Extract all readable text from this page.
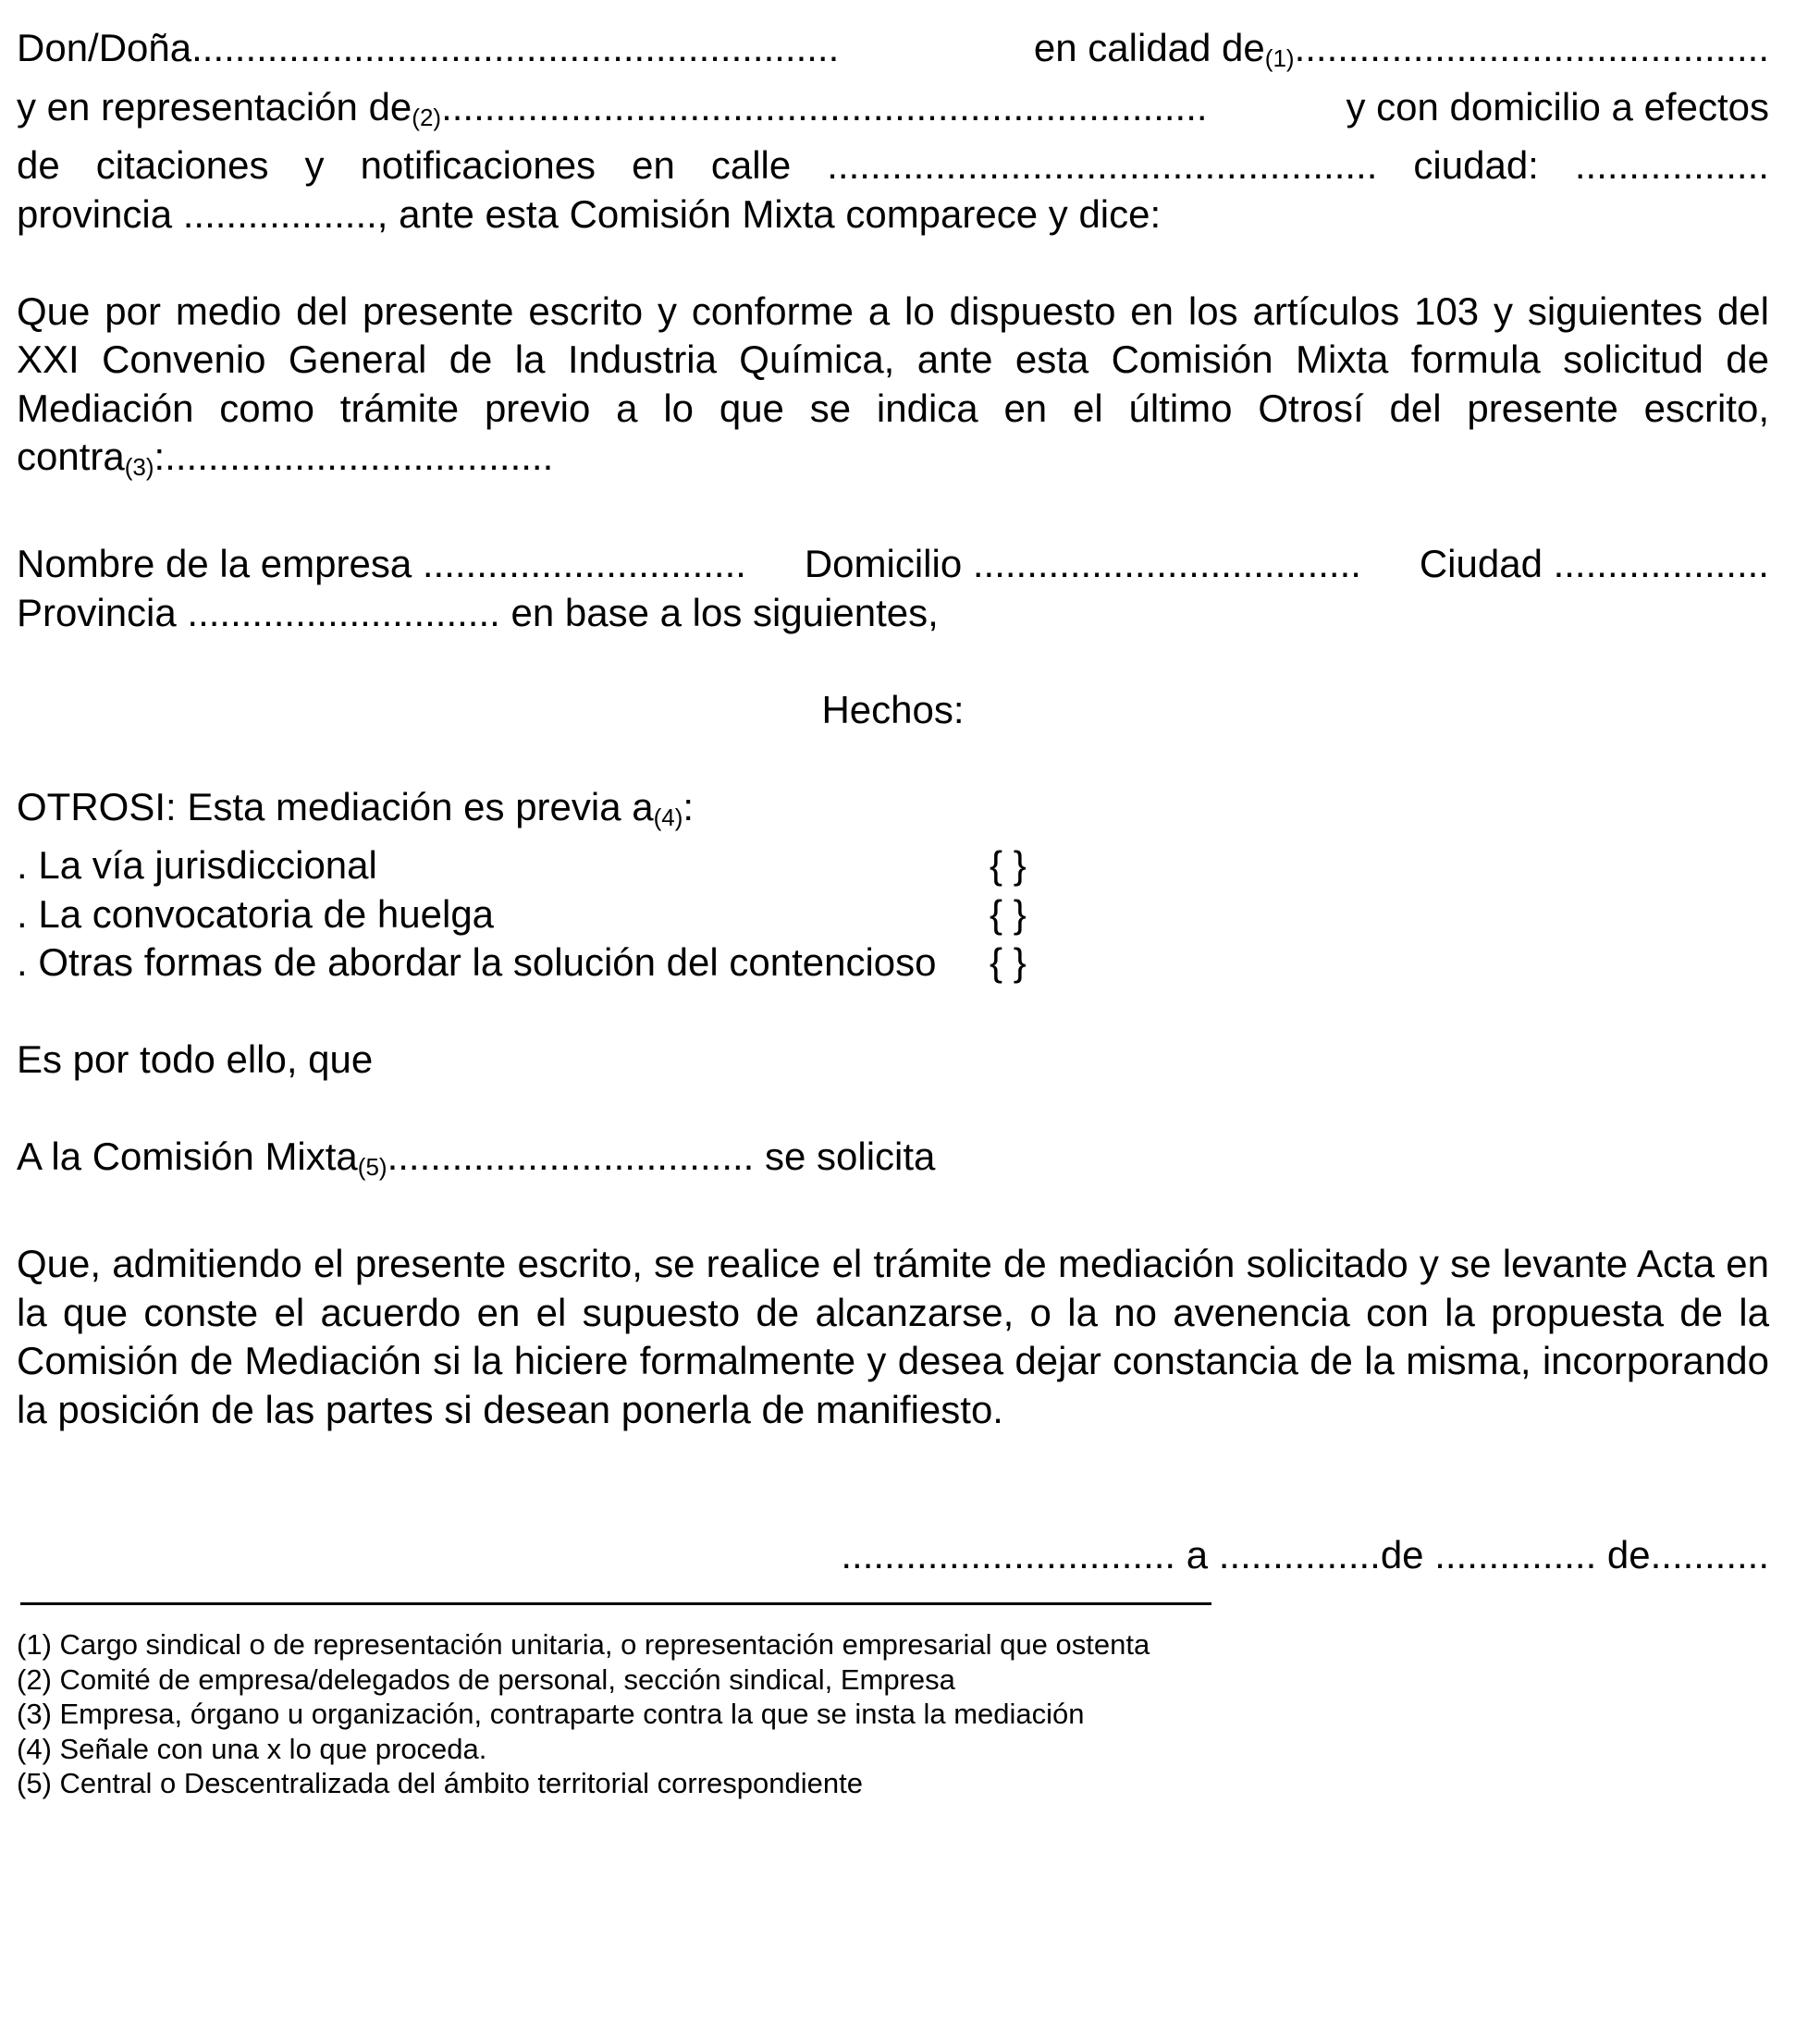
Don/Doña............................................................	en calidad $de_{(1)}$............................................
y en representación $de_{(2)}$.......................................................................	y con domicilio a efectos
de citaciones y notificaciones en calle ................................................... ciudad: ..................
provincia .................., ante esta Comisión Mixta comparece y dice:
Que por medio del presente escrito y conforme a lo dispuesto en los artículos 103 y siguientes del XXI Convenio General de la Industria Química, ante esta Comisión Mixta formula solicitud de Mediación como trámite previo a lo que se indica en el último Otrosí del presente escrito, contra$_{(3)}$:....................................
Nombre de la empresa .............................. Domicilio .................................... Ciudad ....................
Provincia ............................. en base a los siguientes,
Hechos:
OTROSI: Esta mediación es previa $a_{(4)}$:
. La vía jurisdiccional	{ }
. La convocatoria de huelga	{ }
. Otras formas de abordar la solución del contencioso	{ }
Es por todo ello, que
A la Comisión Mixta$_{(5)}$.................................. se solicita
Que, admitiendo el presente escrito, se realice el trámite de mediación solicitado y se levante Acta en la que conste el acuerdo en el supuesto de alcanzarse, o la no avenencia con la propuesta de la Comisión de Mediación si la hiciere formalmente y desea dejar constancia de la misma, incorporando la posición de las partes si desean ponerla de manifiesto.
............................... a ...............de ............... de...........
(1) Cargo sindical o de representación unitaria, o representación empresarial que ostenta
(2) Comité de empresa/delegados de personal, sección sindical, Empresa
(3) Empresa, órgano u organización, contraparte contra la que se insta la mediación
(4) Señale con una x lo que proceda.
(5) Central o Descentralizada del ámbito territorial correspondiente
